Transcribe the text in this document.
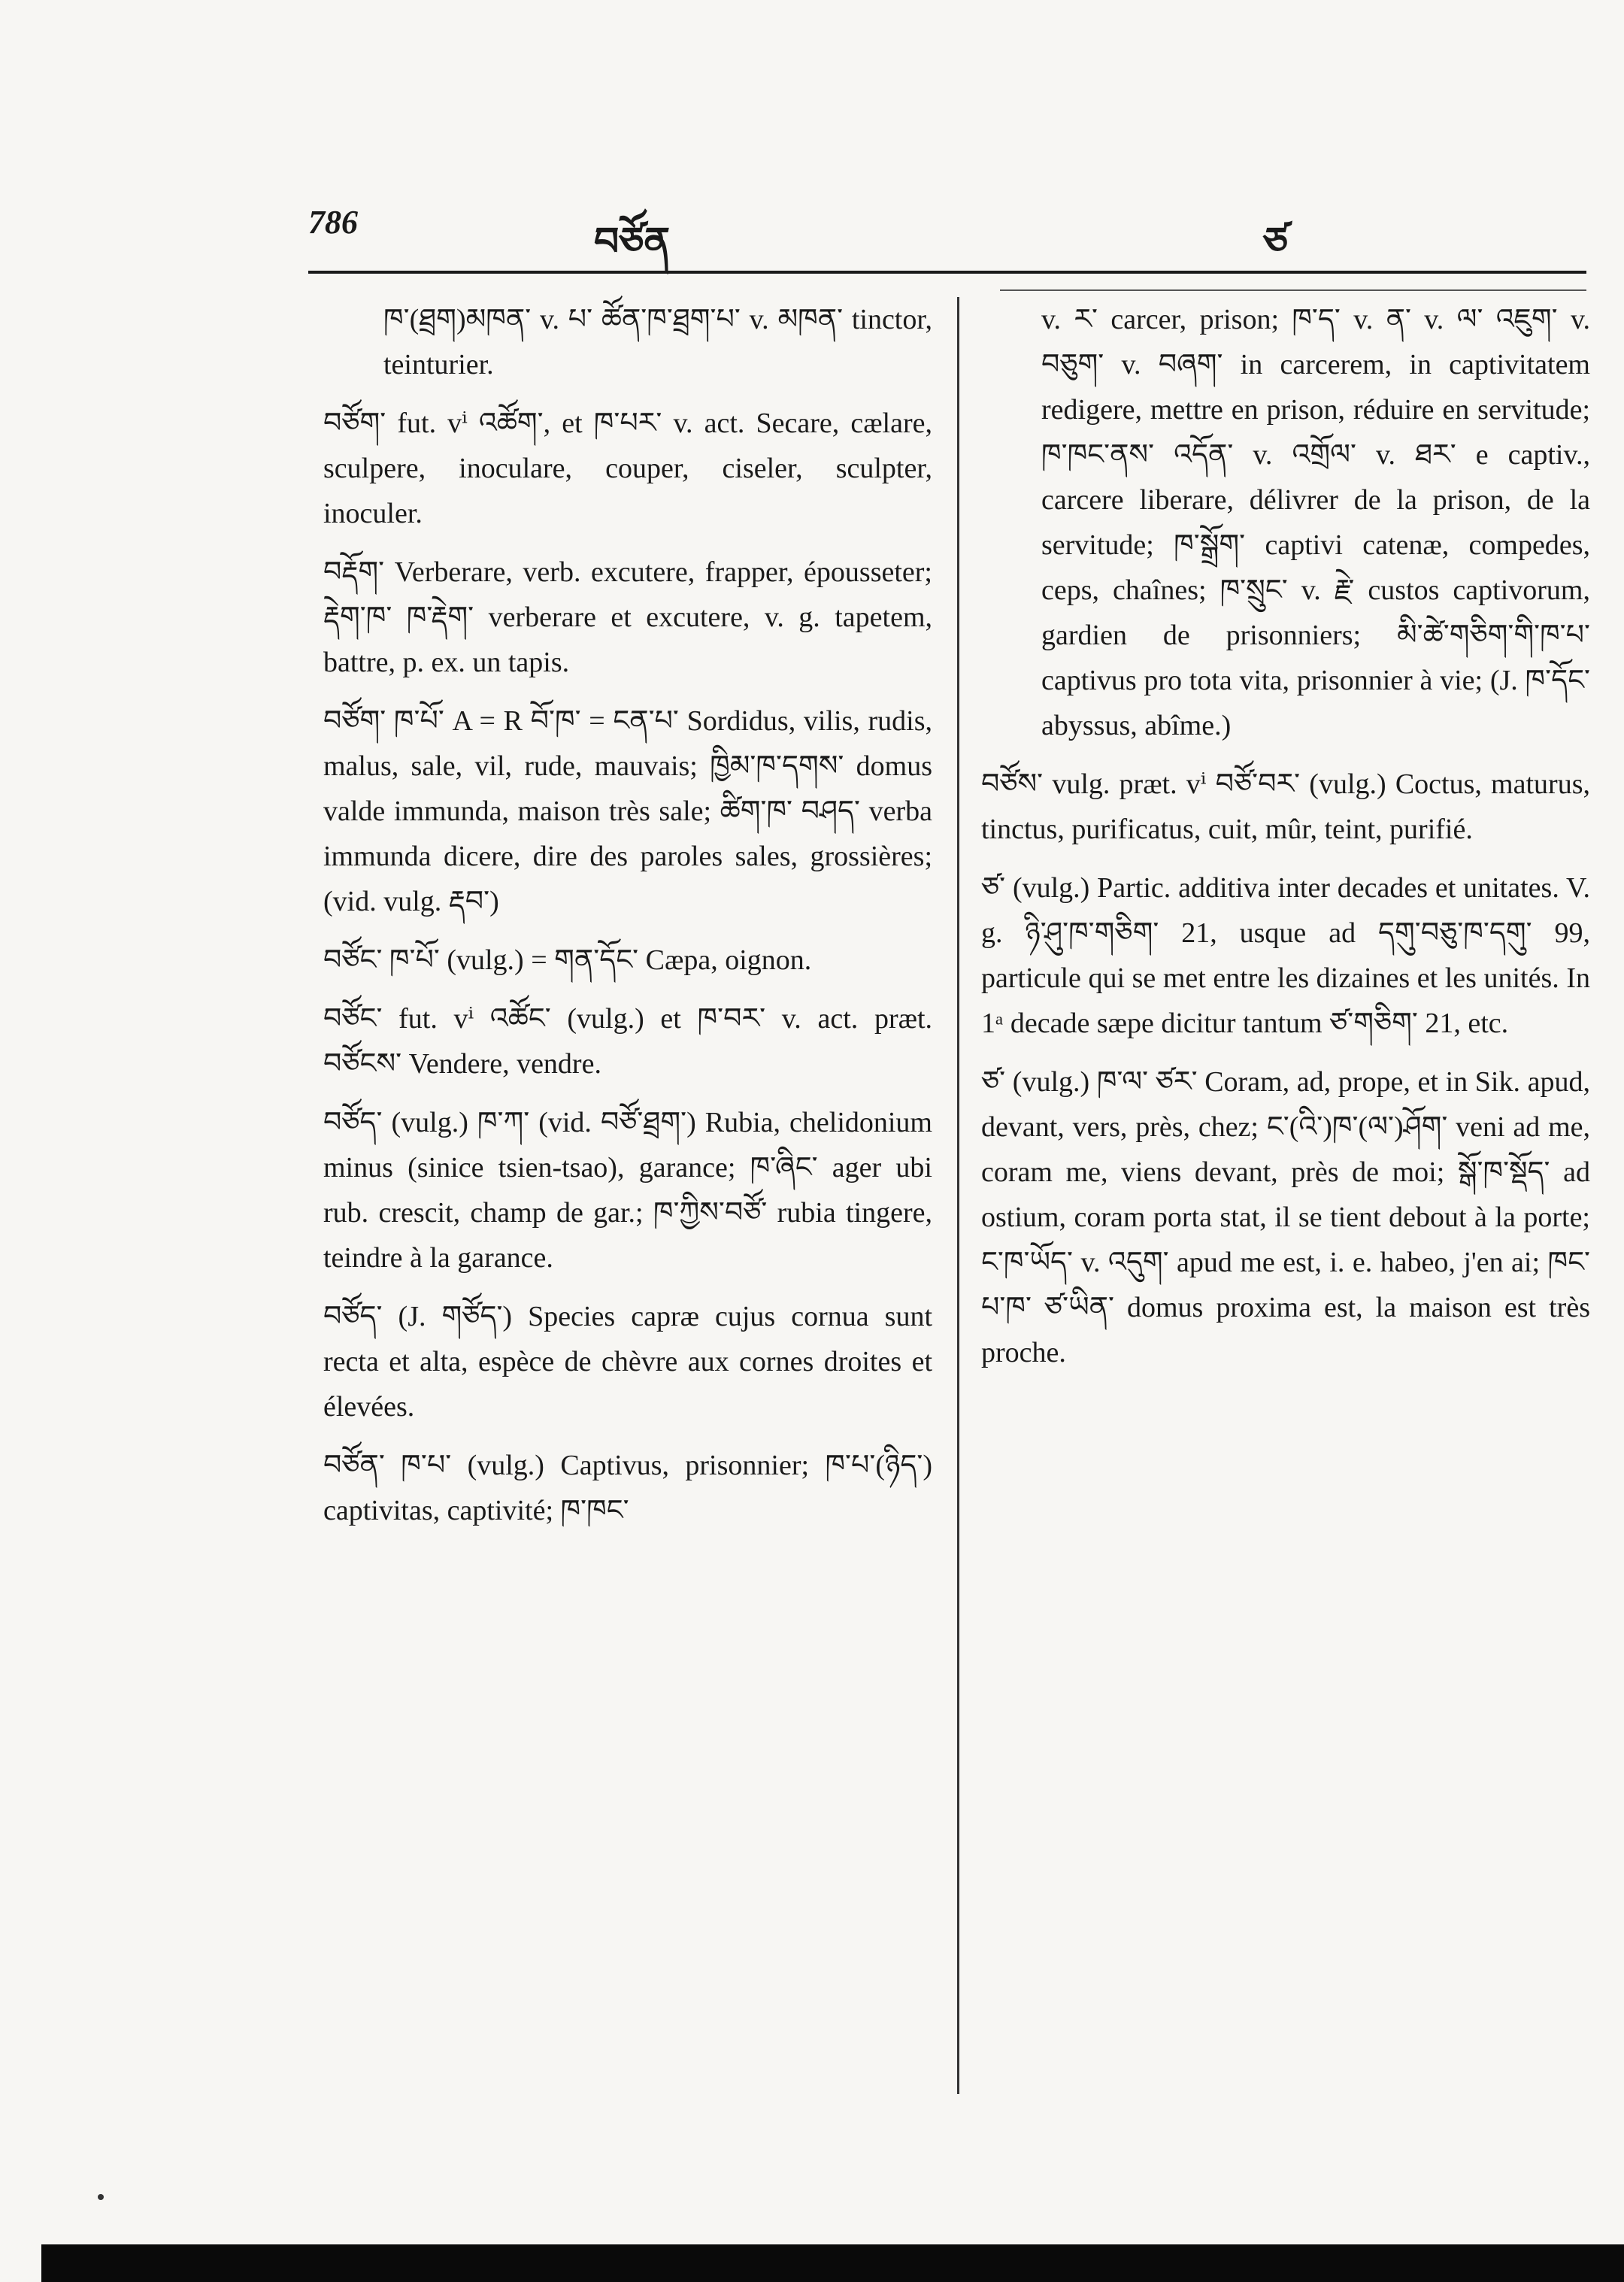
786	བཙོན	ཙ
ཁ་(ཐྲག)མཁན་ v. པ་ ཚོན་ཁ་ཐྲག་པ་ v. མཁན་ tinctor, teinturier.
བཙོག་ fut. vⁱ འཚོག་, et ཁ་པར་ v. act. Secare, cælare, sculpere, inoculare, couper, ciseler, sculpter, inoculer.
བརྡོག་ Verberare, verb. excutere, frapper, épousseter; རྡེག་ཁ་ ཁ་རྡེག་ verberare et excutere, v. g. tapetem, battre, p. ex. un tapis.
བཙོག་ ཁ་པོ་ A = R བོ་ཁ་ = ངན་པ་ Sordidus, vilis, rudis, malus, sale, vil, rude, mauvais; ཁྱིམ་ཁ་དགས་ domus valde immunda, maison très sale; ཚིག་ཁ་ བཤད་ verba immunda dicere, dire des paroles sales, grossières; (vid. vulg. རྡབ་)
བཙོང་ ཁ་པོ་ (vulg.) = གན་དོང་ Cæpa, oignon.
བཙོང་ fut. vⁱ འཚོང་ (vulg.) et ཁ་བར་ v. act. præt. བཙོངས་ Vendere, vendre.
བཙོད་ (vulg.) ཁ་ཀ་ (vid. བཙོ་ཐྲག་) Rubia, chelidonium minus (sinice tsien-tsao), garance; ཁ་ཞིང་ ager ubi rub. crescit, champ de gar.; ཁ་ཀྱིས་བཙོ་ rubia tingere, teindre à la garance.
བཙོད་ (J. གཙོད་) Species capræ cujus cornua sunt recta et alta, espèce de chèvre aux cornes droites et élevées.
བཙོན་ ཁ་པ་ (vulg.) Captivus, prisonnier; ཁ་པ་(ཉིད་) captivitas, captivité; ཁ་ཁང་
v. ར་ carcer, prison; ཁ་ད་ v. ན་ v. ལ་ འཇུག་ v. བཅུག་ v. བཞག་ in carcerem, in captivitatem redigere, mettre en prison, réduire en servitude; ཁ་ཁང་ནས་ འདོན་ v. འགྲོལ་ v. ཐར་ e captiv., carcere liberare, délivrer de la prison, de la servitude; ཁ་སྒྲོག་ captivi catenæ, compedes, ceps, chaînes; ཁ་སྲུང་ v. རྗེ་ custos captivorum, gardien de prisonniers; མི་ཚེ་གཅིག་གི་ཁ་པ་ captivus pro tota vita, prisonnier à vie; (J. ཁ་དོང་ abyssus, abîme.)
བཙོས་ vulg. præt. vⁱ བཙོ་བར་ (vulg.) Coctus, maturus, tinctus, purificatus, cuit, mûr, teint, purifié.
ཙ་ (vulg.) Partic. additiva inter decades et unitates. V. g. ཉི་ཤུ་ཁ་གཅིག་ 21, usque ad དགུ་བཅུ་ཁ་དགུ་ 99, particule qui se met entre les dizaines et les unités. In 1ᵃ decade sæpe dicitur tantum ཙ་གཅིག་ 21, etc.
ཙ་ (vulg.) ཁ་ལ་ ཙར་ Coram, ad, prope, et in Sik. apud, devant, vers, près, chez; ང་(འི་)ཁ་(ལ་)ཤོག་ veni ad me, coram me, viens devant, près de moi; སྒོ་ཁ་སྡོད་ ad ostium, coram porta stat, il se tient debout à la porte; ང་ཁ་ཡོད་ v. འདུག་ apud me est, i. e. habeo, j'en ai; ཁང་པ་ཁ་ ཙ་ཡིན་ domus proxima est, la maison est très proche.
